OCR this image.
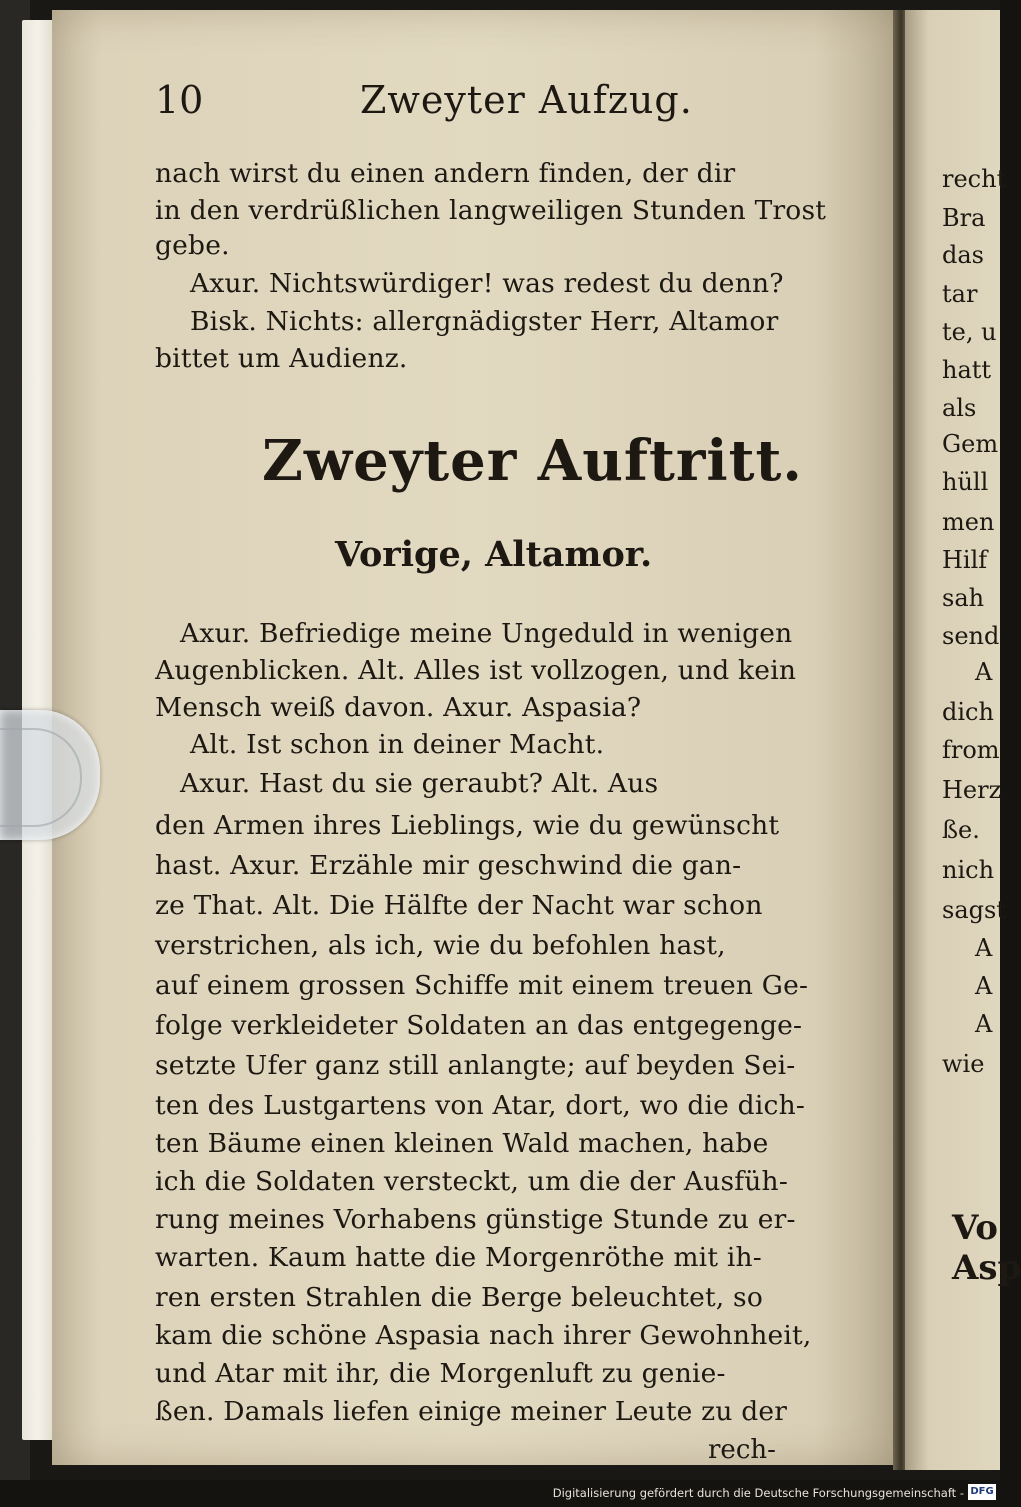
10	Zweyter Aufzug.
nach wirst du einen andern finden, der dir
in den verdrüßlichen langweiligen Stunden Trost
gebe.
Axur. Nichtswürdiger! was redest du denn?
Bisk. Nichts: allergnädigster Herr, Altamor
bittet um Audienz.
Zweyter Auftritt.
Vorige, Altamor.
Axur. Befriedige meine Ungeduld in wenigen
Augenblicken. Alt. Alles ist vollzogen, und kein
Mensch weiß davon. Axur. Aspasia?
Alt. Ist schon in deiner Macht.
Axur. Hast du sie geraubt? Alt. Aus
den Armen ihres Lieblings, wie du gewünscht
hast. Axur. Erzähle mir geschwind die gan-
ze That. Alt. Die Hälfte der Nacht war schon
verstrichen, als ich, wie du befohlen hast,
auf einem grossen Schiffe mit einem treuen Ge-
folge verkleideter Soldaten an das entgegenge-
setzte Ufer ganz still anlangte; auf beyden Sei-
ten des Lustgartens von Atar, dort, wo die dich-
ten Bäume einen kleinen Wald machen, habe
ich die Soldaten versteckt, um die der Ausfüh-
rung meines Vorhabens günstige Stunde zu er-
warten. Kaum hatte die Morgenröthe mit ih-
ren ersten Strahlen die Berge beleuchtet, so
kam die schöne Aspasia nach ihrer Gewohnheit,
und Atar mit ihr, die Morgenluft zu genie-
ßen. Damals liefen einige meiner Leute zu der
rech-
recht
Bra
das
tar
te, u
hatt
als
Gem
hüll
men
Hilf
sah
send
A
dich
from
Herz
ße.
nich
sagst
A
A
A
wie
Vo
Asp
Digitalisierung gefördert durch die Deutsche Forschungsgemeinschaft - DFG
